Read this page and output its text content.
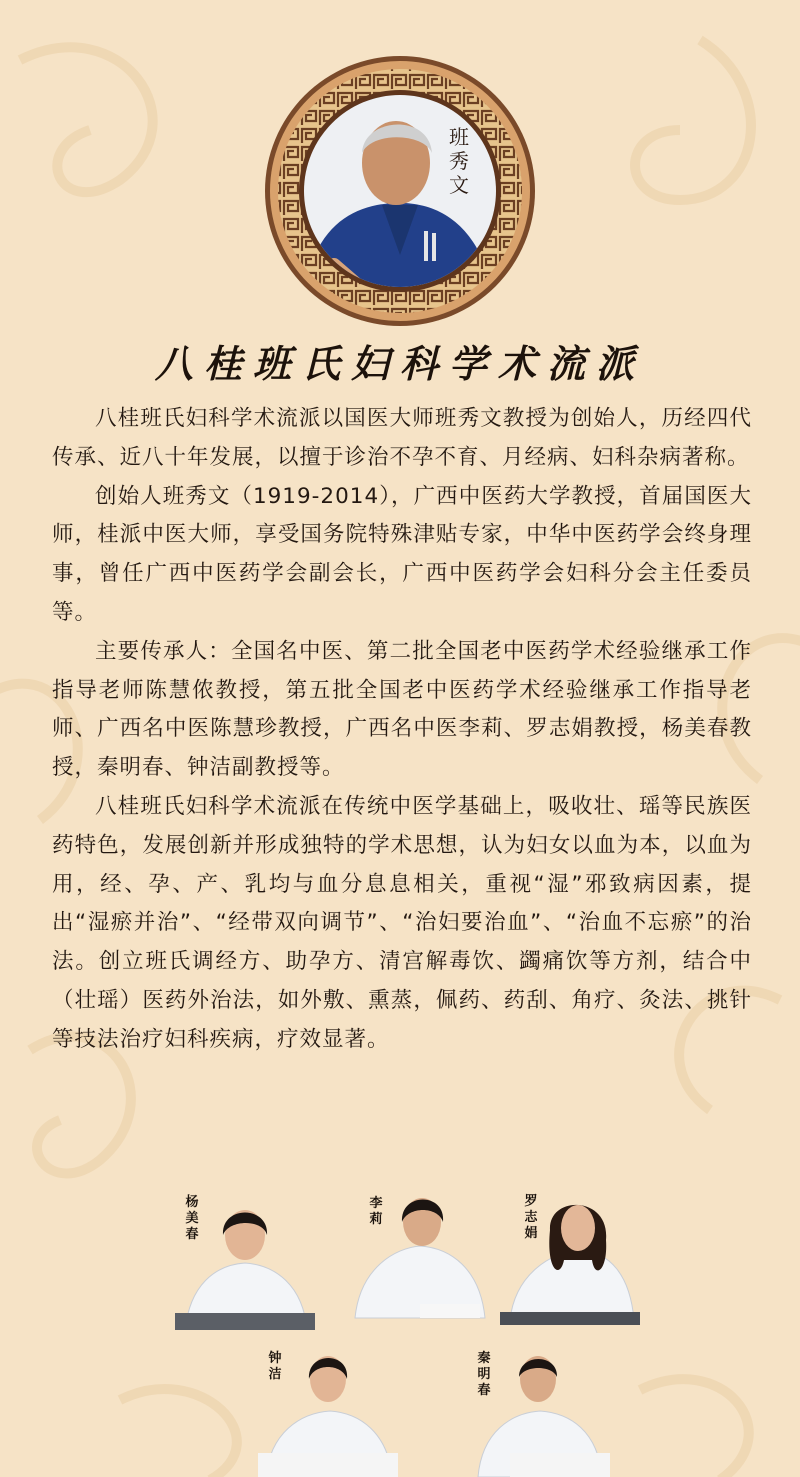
班秀文
八桂班氏妇科学术流派

八桂班氏妇科学术流派以国医大师班秀文教授为创始人，历经四代传承、近八十年发展，以擅于诊治不孕不育、月经病、妇科杂病著称。

创始人班秀文（1919-2014），广西中医药大学教授，首届国医大师，桂派中医大师，享受国务院特殊津贴专家，中华中医药学会终身理事，曾任广西中医药学会副会长，广西中医药学会妇科分会主任委员等。

主要传承人：全国名中医、第二批全国老中医药学术经验继承工作指导老师陈慧侬教授，第五批全国老中医药学术经验继承工作指导老师、广西名中医陈慧珍教授，广西名中医李莉、罗志娟教授，杨美春教授，秦明春、钟洁副教授等。

八桂班氏妇科学术流派在传统中医学基础上，吸收壮、瑶等民族医药特色，发展创新并形成独特的学术思想，认为妇女以血为本，以血为用，经、孕、产、乳均与血分息息相关，重视“湿”邪致病因素，提出“湿瘀并治”、“经带双向调节”、“治妇要治血”、“治血不忘瘀”的治法。创立班氏调经方、助孕方、清宫解毒饮、蠲痛饮等方剂，结合中（壮瑶）医药外治法，如外敷、熏蒸，佩药、药刮、角疗、灸法、挑针等技法治疗妇科疾病，疗效显著。

杨美春
李莉
罗志娟
钟洁
秦明春
